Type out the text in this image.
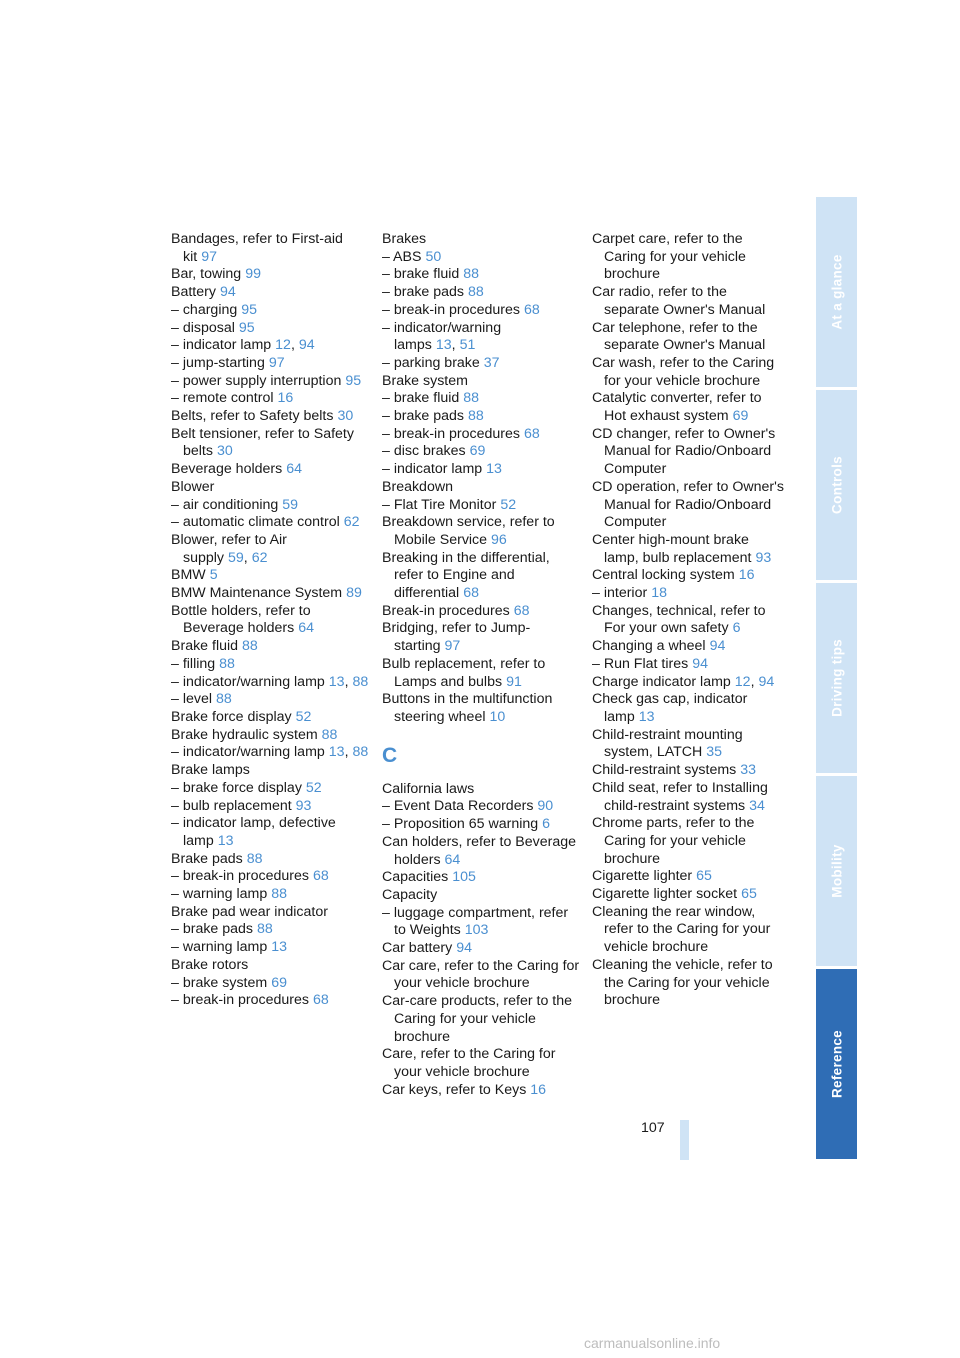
Bandages, refer to First-aid kit 97
Bar, towing 99
Battery 94
– charging 95
– disposal 95
– indicator lamp 12, 94
– jump-starting 97
– power supply interruption 95
– remote control 16
Belts, refer to Safety belts 30
Belt tensioner, refer to Safety belts 30
Beverage holders 64
Blower
– air conditioning 59
– automatic climate control 62
Blower, refer to Air supply 59, 62
BMW 5
BMW Maintenance System 89
Bottle holders, refer to Beverage holders 64
Brake fluid 88
– filling 88
– indicator/warning lamp 13, 88
– level 88
Brake force display 52
Brake hydraulic system 88
– indicator/warning lamp 13, 88
Brake lamps
– brake force display 52
– bulb replacement 93
– indicator lamp, defective lamp 13
Brake pads 88
– break-in procedures 68
– warning lamp 88
Brake pad wear indicator
– brake pads 88
– warning lamp 13
Brake rotors
– brake system 69
– break-in procedures 68
Brakes
– ABS 50
– brake fluid 88
– brake pads 88
– break-in procedures 68
– indicator/warning lamps 13, 51
– parking brake 37
Brake system
– brake fluid 88
– brake pads 88
– break-in procedures 68
– disc brakes 69
– indicator lamp 13
Breakdown
– Flat Tire Monitor 52
Breakdown service, refer to Mobile Service 96
Breaking in the differential, refer to Engine and differential 68
Break-in procedures 68
Bridging, refer to Jump-starting 97
Bulb replacement, refer to Lamps and bulbs 91
Buttons in the multifunction steering wheel 10
C
California laws
– Event Data Recorders 90
– Proposition 65 warning 6
Can holders, refer to Beverage holders 64
Capacities 105
Capacity
– luggage compartment, refer to Weights 103
Car battery 94
Car care, refer to the Caring for your vehicle brochure
Car-care products, refer to the Caring for your vehicle brochure
Care, refer to the Caring for your vehicle brochure
Car keys, refer to Keys 16
Carpet care, refer to the Caring for your vehicle brochure
Car radio, refer to the separate Owner's Manual
Car telephone, refer to the separate Owner's Manual
Car wash, refer to the Caring for your vehicle brochure
Catalytic converter, refer to Hot exhaust system 69
CD changer, refer to Owner's Manual for Radio/Onboard Computer
CD operation, refer to Owner's Manual for Radio/Onboard Computer
Center high-mount brake lamp, bulb replacement 93
Central locking system 16
– interior 18
Changes, technical, refer to For your own safety 6
Changing a wheel 94
– Run Flat tires 94
Charge indicator lamp 12, 94
Check gas cap, indicator lamp 13
Child-restraint mounting system, LATCH 35
Child-restraint systems 33
Child seat, refer to Installing child-restraint systems 34
Chrome parts, refer to the Caring for your vehicle brochure
Cigarette lighter 65
Cigarette lighter socket 65
Cleaning the rear window, refer to the Caring for your vehicle brochure
Cleaning the vehicle, refer to the Caring for your vehicle brochure
107
At a glance
Controls
Driving tips
Mobility
Reference
carmanualsonline.info
